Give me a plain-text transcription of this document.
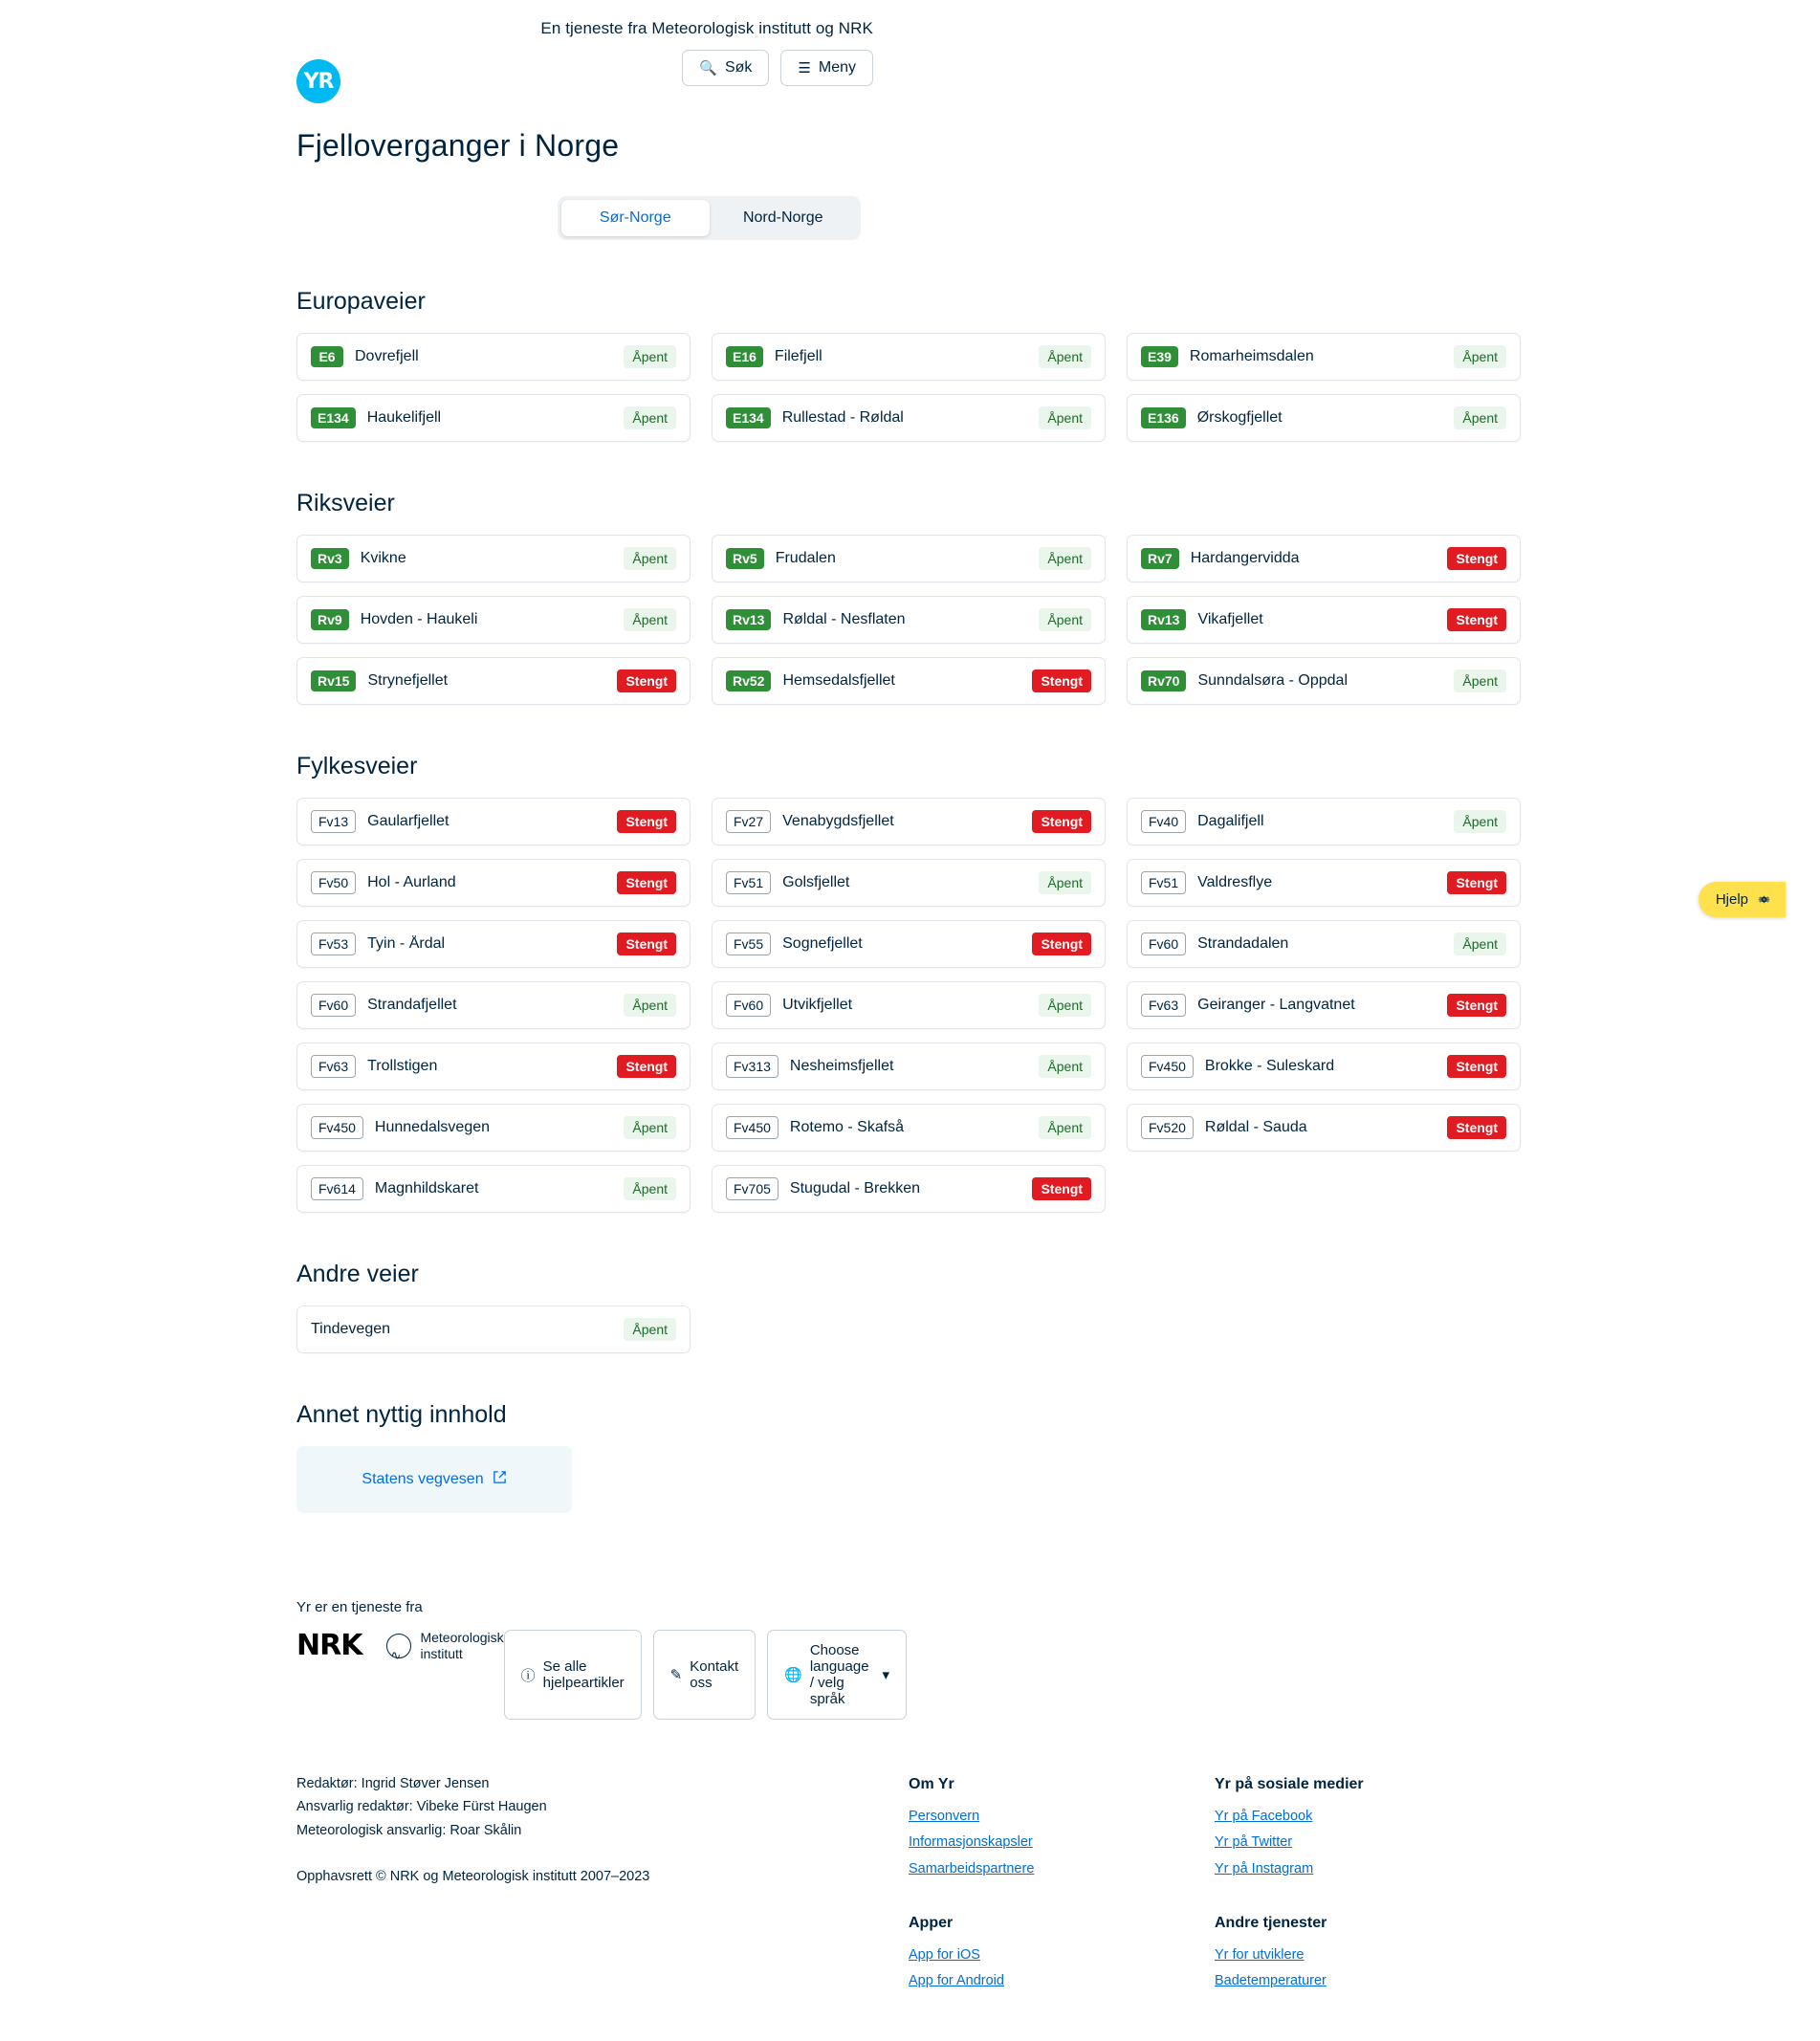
En tjeneste fra Meteorologisk institutt og NRK
YR
🔍 Søk	☰ Meny
Fjelloverganger i Norge
Sør-Norge	Nord-Norge
Europaveier
E6	Dovrefjell	Åpent	E16	Filefjell	Åpent	E39	Romarheimsdalen	Åpent
E134	Haukelifjell	Åpent	E134	Rullestad - Røldal	Åpent	E136	Ørskogfjellet	Åpent
Riksveier
Rv3	Kvikne	Åpent	Rv5	Frudalen	Åpent	Rv7	Hardangervidda	Stengt
Rv9	Hovden - Haukeli	Åpent	Rv13	Røldal - Nesflaten	Åpent	Rv13	Vikafjellet	Stengt
Rv15	Strynefjellet	Stengt	Rv52	Hemsedalsfjellet	Stengt	Rv70	Sunndalsøra - Oppdal	Åpent
Fylkesveier
Fv13	Gaularfjellet	Stengt	Fv27	Venabygdsfjellet	Stengt	Fv40	Dagalifjell	Åpent
Fv50	Hol - Aurland	Stengt	Fv51	Golsfjellet	Åpent	Fv51	Valdresflye	Stengt
Fv53	Tyin - Årdal	Stengt	Fv55	Sognefjellet	Stengt	Fv60	Strandadalen	Åpent
Fv60	Strandafjellet	Åpent	Fv60	Utvikfjellet	Åpent	Fv63	Geiranger - Langvatnet	Stengt
Fv63	Trollstigen	Stengt	Fv313	Nesheimsfjellet	Åpent	Fv450	Brokke - Suleskard	Stengt
Fv450	Hunnedalsvegen	Åpent	Fv450	Rotemo - Skafså	Åpent	Fv520	Røldal - Sauda	Stengt
Fv614	Magnhildskaret	Åpent	Fv705	Stugudal - Brekken	Stengt
Andre veier
Tindevegen	Åpent
Annet nyttig innhold
Statens vegvesen
Yr er en tjeneste fra
NRK ∿	Meteorologisk
institutt
ⓘ
Se alle hjelpeartikler	✎
Kontakt oss	🌐
Choose language / velg språk
▾
Redaktør: Ingrid Støver Jensen
Ansvarlig redaktør: Vibeke Fürst Haugen
Meteorologisk ansvarlig: Roar Skålin
Opphavsrett © NRK og Meteorologisk institutt 2007–2023
Om Yr
Personvern
Informasjonskapsler
Samarbeidspartnere
Apper
App for iOS
App for Android
Yr på sosiale medier
Yr på Facebook
Yr på Twitter
Yr på Instagram
Andre tjenester
Yr for utviklere
Badetemperaturer
Hjelp
